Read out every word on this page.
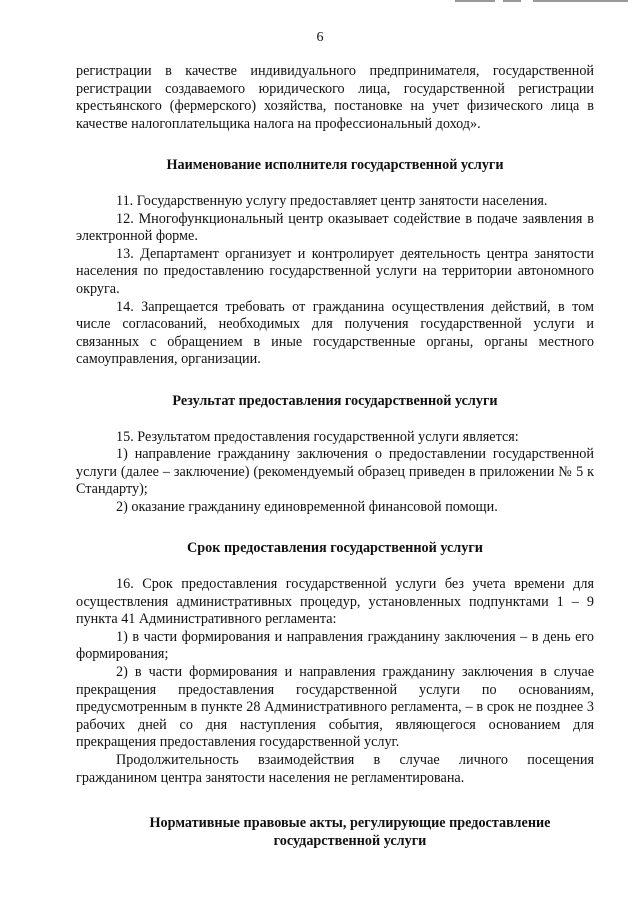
6

регистрации в качестве индивидуального предпринимателя, государственной регистрации создаваемого юридического лица, государственной регистрации крестьянского (фермерского) хозяйства, постановке на учет физического лица в качестве налогоплательщика налога на профессиональный доход».

Наименование исполнителя государственной услуги

11. Государственную услугу предоставляет центр занятости населения.

12. Многофункциональный центр оказывает содействие в подаче заявления в электронной форме.

13. Департамент организует и контролирует деятельность центра занятости населения по предоставлению государственной услуги на территории автономного округа.

14. Запрещается требовать от гражданина осуществления действий, в том числе согласований, необходимых для получения государственной услуги и связанных с обращением в иные государственные органы, органы местного самоуправления, организации.

Результат предоставления государственной услуги

15. Результатом предоставления государственной услуги является:

1) направление гражданину заключения о предоставлении государственной услуги (далее – заключение) (рекомендуемый образец приведен в приложении № 5 к Стандарту);

2) оказание гражданину единовременной финансовой помощи.

Срок предоставления государственной услуги

16. Срок предоставления государственной услуги без учета времени для осуществления административных процедур, установленных подпунктами 1 – 9 пункта 41 Административного регламента:

1) в части формирования и направления гражданину заключения – в день его формирования;

2) в части формирования и направления гражданину заключения в случае прекращения предоставления государственной услуги по основаниям, предусмотренным в пункте 28 Административного регламента, – в срок не позднее 3 рабочих дней со дня наступления события, являющегося основанием для прекращения предоставления государственной услуг.

Продолжительность взаимодействия в случае личного посещения гражданином центра занятости населения не регламентирована.

Нормативные правовые акты, регулирующие предоставление государственной услуги
